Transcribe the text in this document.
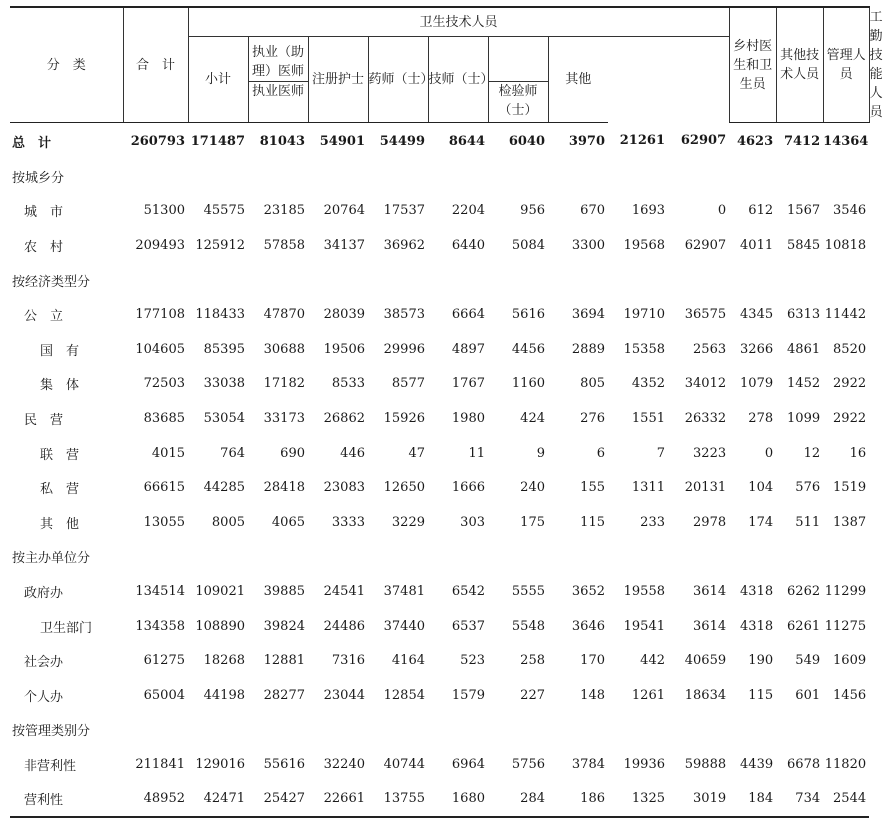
分　类	合　计	卫生技术人员									乡村医生和卫生员	其他技术人员	管理人员	工勤技能人员
		小计	执业（助理）医师	注册护士	药师（士）	技师（士）		其他						
			执业医师				检验师（士）							
总　计	260793	171487	81043	54901	54499	8644	6040	3970	21261	62907	4623	7412	14364	
按城乡分														
城　市	51300	45575	23185	20764	17537	2204	956	670	1693	0	612	1567	3546	
农　村	209493	125912	57858	34137	36962	6440	5084	3300	19568	62907	4011	5845	10818	
按经济类型分														
公　立	177108	118433	47870	28039	38573	6664	5616	3694	19710	36575	4345	6313	11442	
国　有	104605	85395	30688	19506	29996	4897	4456	2889	15358	2563	3266	4861	8520	
集　体	72503	33038	17182	8533	8577	1767	1160	805	4352	34012	1079	1452	2922	
民　营	83685	53054	33173	26862	15926	1980	424	276	1551	26332	278	1099	2922	
联　营	4015	764	690	446	47	11	9	6	7	3223	0	12	16	
私　营	66615	44285	28418	23083	12650	1666	240	155	1311	20131	104	576	1519	
其　他	13055	8005	4065	3333	3229	303	175	115	233	2978	174	511	1387	
按主办单位分														
政府办	134514	109021	39885	24541	37481	6542	5555	3652	19558	3614	4318	6262	11299	
卫生部门	134358	108890	39824	24486	37440	6537	5548	3646	19541	3614	4318	6261	11275	
社会办	61275	18268	12881	7316	4164	523	258	170	442	40659	190	549	1609	
个人办	65004	44198	28277	23044	12854	1579	227	148	1261	18634	115	601	1456	
按管理类别分														
非营利性	211841	129016	55616	32240	40744	6964	5756	3784	19936	59888	4439	6678	11820	
营利性	48952	42471	25427	22661	13755	1680	284	186	1325	3019	184	734	2544	
